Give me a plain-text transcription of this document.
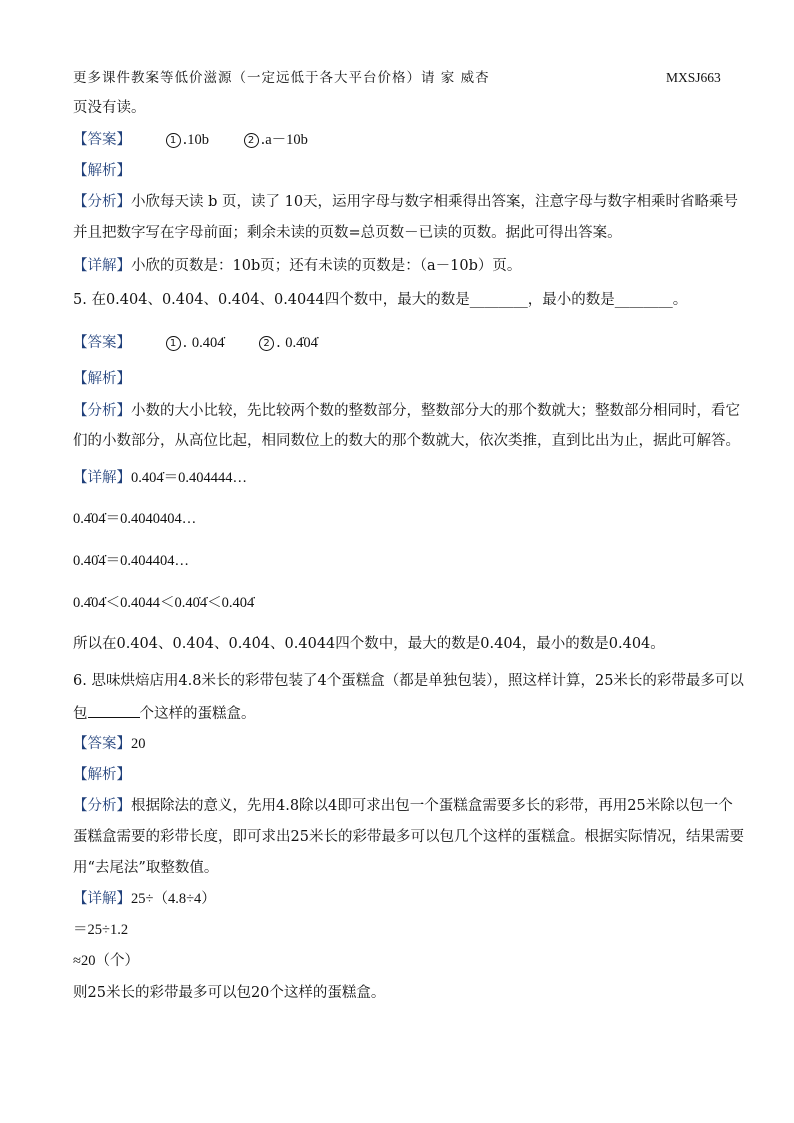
更多课件教案等低价滋源（一定远低于各大平台价格）请 家 威杏	MXSJ663
页没有读。
【答案】	1 .10b	2 .a－10b
【解析】
【分析】小欣每天读 b 页，读了 10天，运用字母与数字相乘得出答案，注意字母与数字相乘时省略乘号
并且把数字写在字母前面；剩余未读的页数=总页数－已读的页数。据此可得出答案。
【详解】小欣的页数是：10b页；还有未读的页数是：（a－10b）页。
5. 在0.404̇、0.4̇04̇、0.40̇4̇、0.4044四个数中，最大的数是________，最小的数是________。
【答案】	1 . 0.404̇	2 . 0.4̇04̇
【解析】
【分析】小数的大小比较，先比较两个数的整数部分，整数部分大的那个数就大；整数部分相同时，看它
们的小数部分，从高位比起，相同数位上的数大的那个数就大，依次类推，直到比出为止，据此可解答。
【详解】0.404̇＝0.404444…
0.4̇04̇＝0.4040404…
0.40̇4̇＝0.404404…
0.4̇04̇＜0.4044＜0.40̇4̇＜0.404̇
所以在0.404̇、0.4̇04̇、0.40̇4̇、0.4044四个数中，最大的数是0.404̇，最小的数是0.4̇04̇。
6. 思味烘焙店用4.8米长的彩带包装了4个蛋糕盒（都是单独包装），照这样计算，25米长的彩带最多可以
包	个这样的蛋糕盒。
【答案】20
【解析】
【分析】根据除法的意义，先用4.8除以4即可求出包一个蛋糕盒需要多长的彩带，再用25米除以包一个
蛋糕盒需要的彩带长度，即可求出25米长的彩带最多可以包几个这样的蛋糕盒。根据实际情况，结果需要
用“去尾法”取整数值。
【详解】25÷（4.8÷4）
＝25÷1.2
≈20（个）
则25米长的彩带最多可以包20个这样的蛋糕盒。
